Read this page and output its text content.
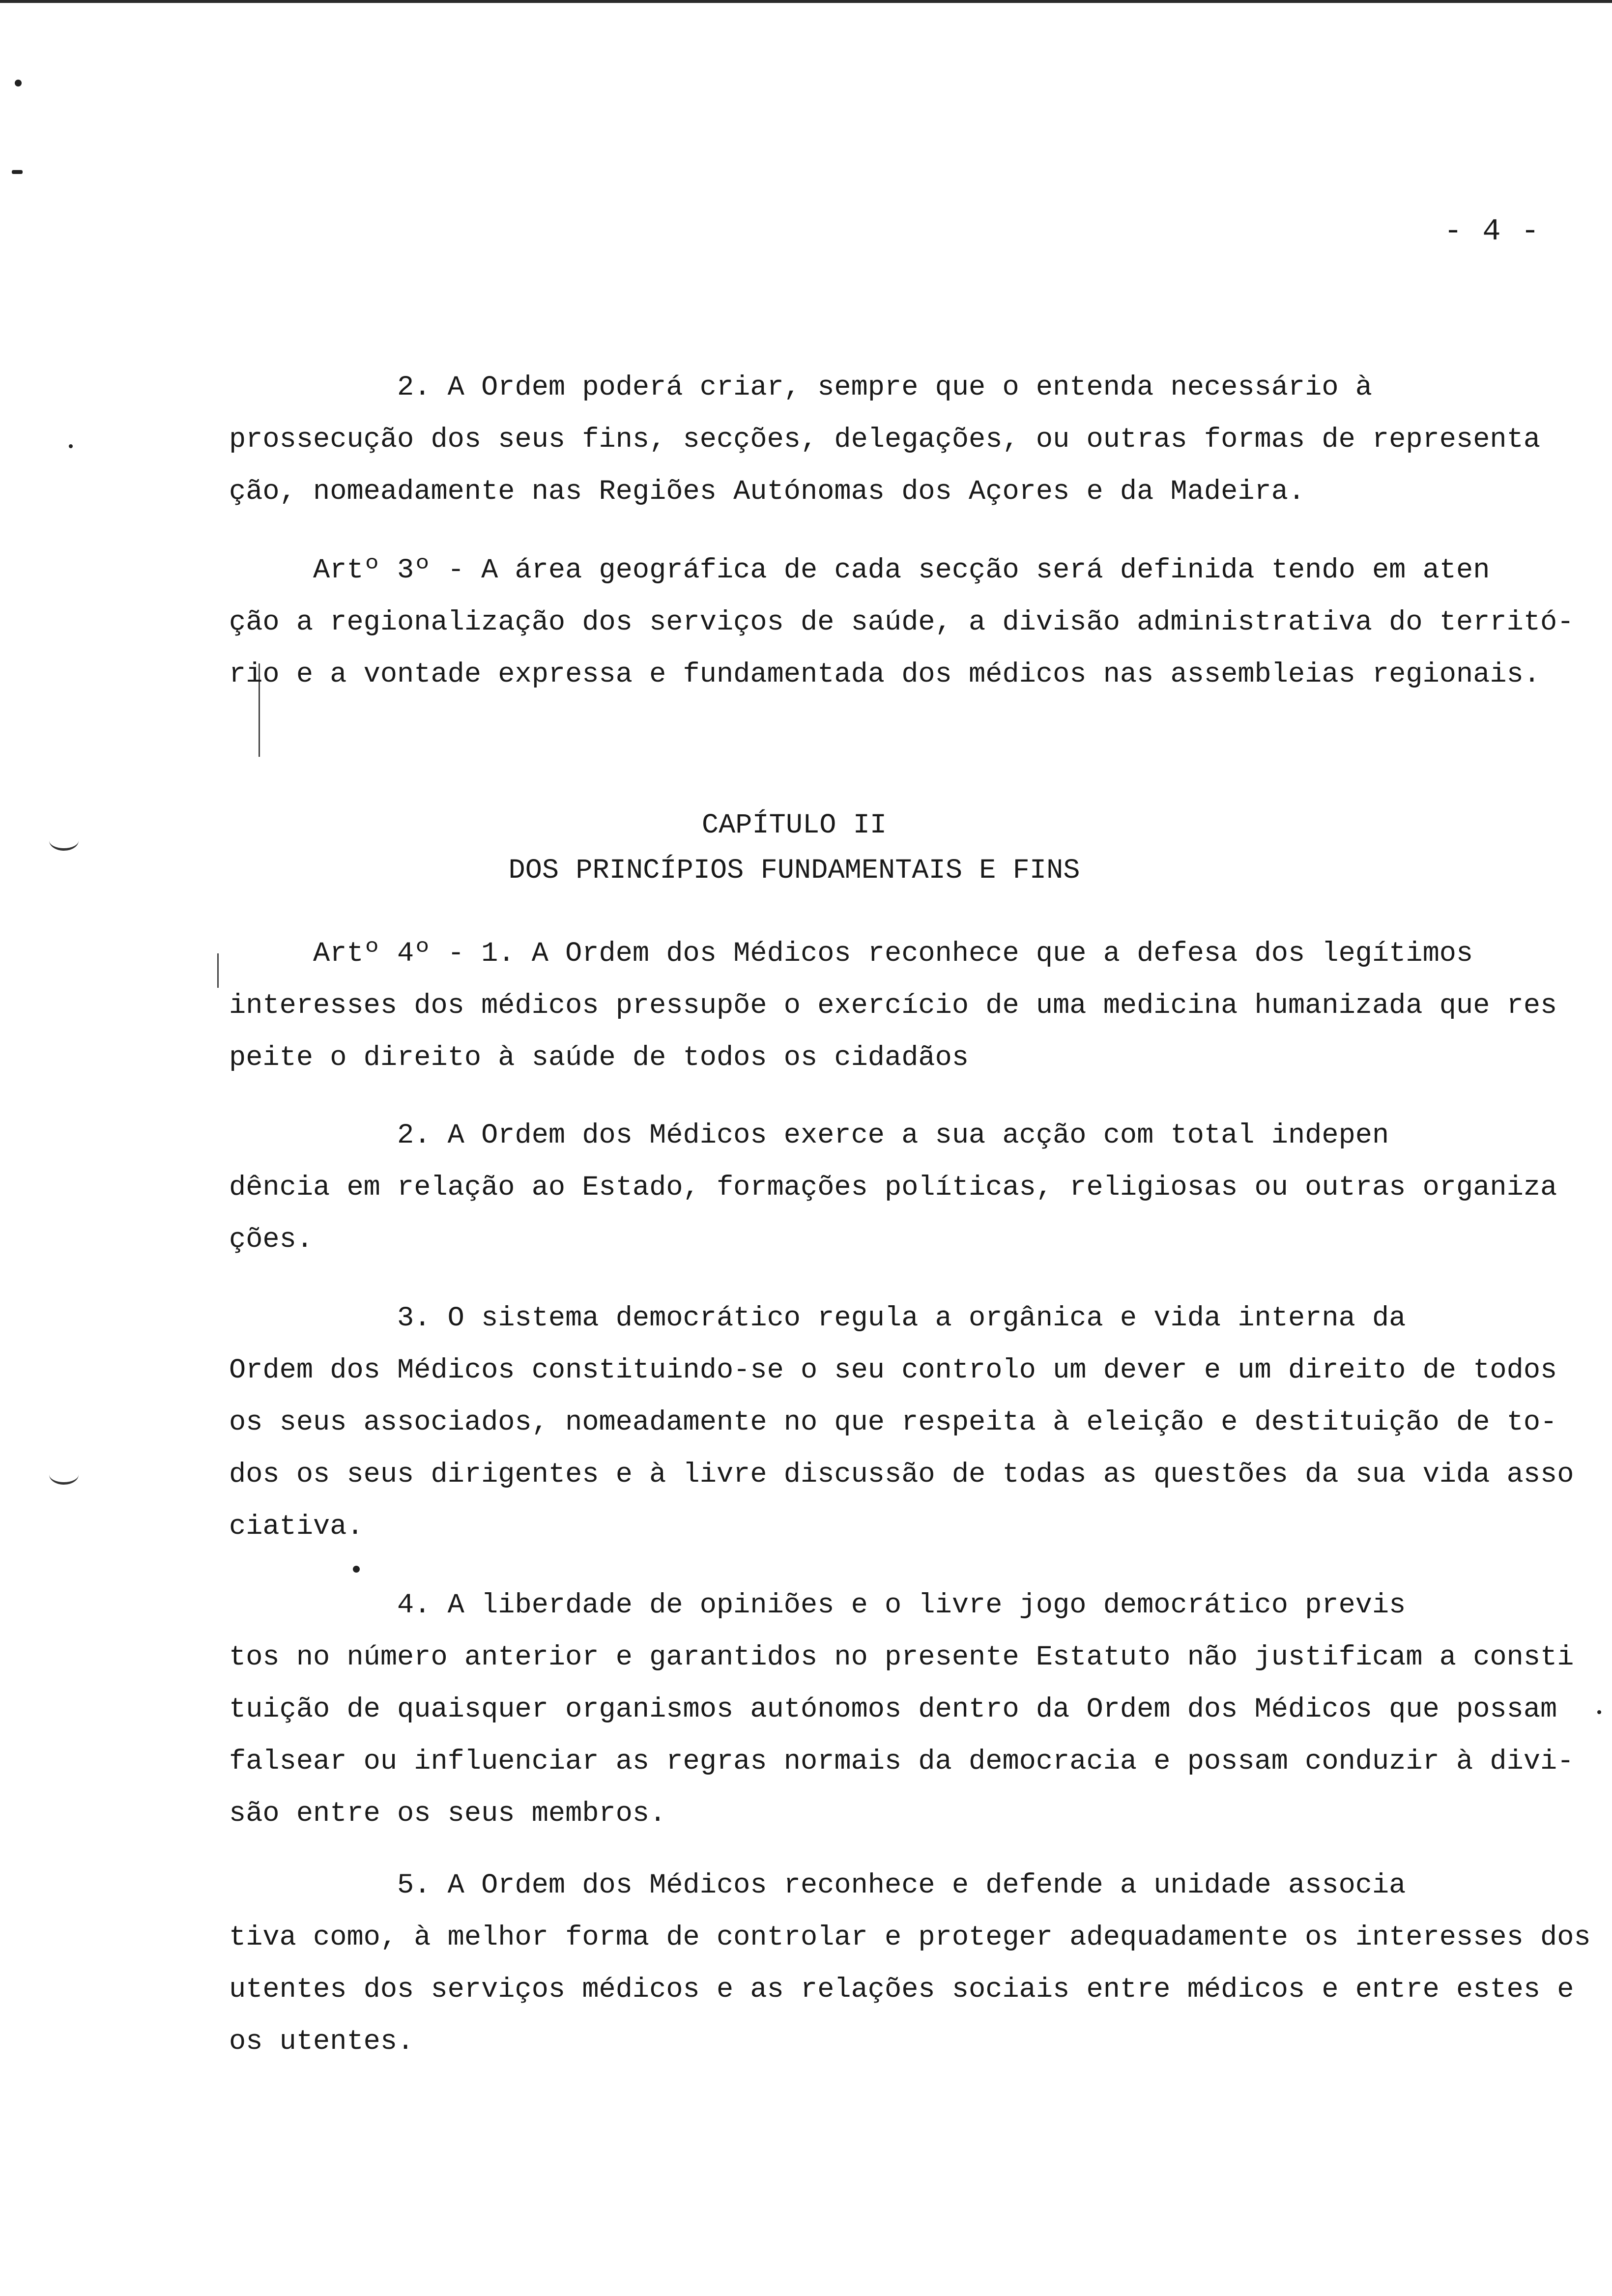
- 4 -
2. A Ordem poderá criar, sempre que o entenda necessário à
prossecução dos seus fins, secções, delegações, ou outras formas de representa
ção, nomeadamente nas Regiões Autónomas dos Açores e da Madeira.
Artº 3º - A área geográfica de cada secção será definida tendo em aten
ção a regionalização dos serviços de saúde, a divisão administrativa do territó-
rio e a vontade expressa e fundamentada dos médicos nas assembleias regionais.
CAPÍTULO II
DOS PRINCÍPIOS FUNDAMENTAIS E FINS
Artº 4º - 1. A Ordem dos Médicos reconhece que a defesa dos legítimos
interesses dos médicos pressupõe o exercício de uma medicina humanizada que res
peite o direito à saúde de todos os cidadãos
2. A Ordem dos Médicos exerce a sua acção com total indepen
dência em relação ao Estado, formações políticas, religiosas ou outras organiza
ções.
3. O sistema democrático regula a orgânica e vida interna da
Ordem dos Médicos constituindo-se o seu controlo um dever e um direito de todos
os seus associados, nomeadamente no que respeita à eleição e destituição de to-
dos os seus dirigentes e à livre discussão de todas as questões da sua vida asso
ciativa.
4. A liberdade de opiniões e o livre jogo democrático previs
tos no número anterior e garantidos no presente Estatuto não justificam a consti
tuição de quaisquer organismos autónomos dentro da Ordem dos Médicos que possam
falsear ou influenciar as regras normais da democracia e possam conduzir à divi-
são entre os seus membros.
5. A Ordem dos Médicos reconhece e defende a unidade associa
tiva como, à melhor forma de controlar e proteger adequadamente os interesses dos
utentes dos serviços médicos e as relações sociais entre médicos e entre estes e
os utentes.
